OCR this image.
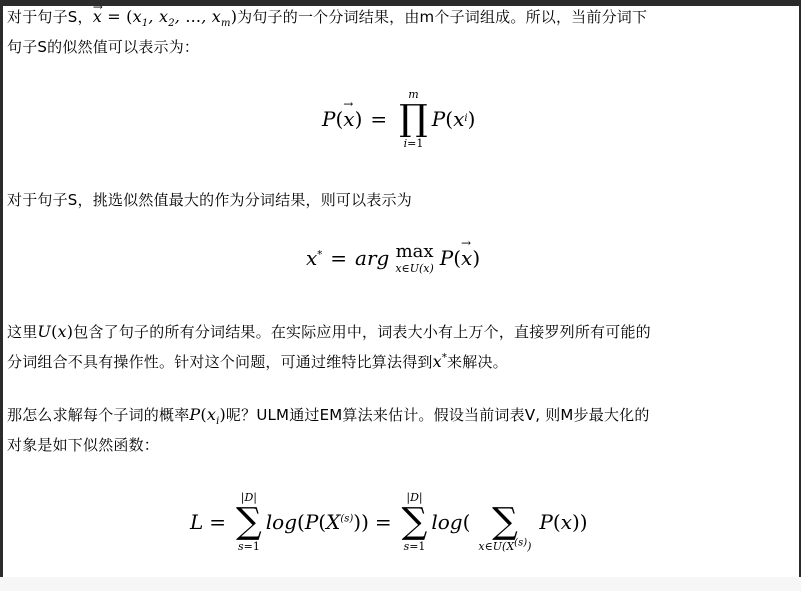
对于句子S，→ $x = (x_1$, $x_2$, ..., $x_m$)为句子的一个分词结果，由m个子词组成。所以，当前分词下
句子S的似然值可以表示为：
P ( → x ) =
m
∏
i=1
P ( x i )
对于句子S，挑选似然值最大的作为分词结果，则可以表示为
x* = arg max
x∈U(x) P ( → x )
这里U(x)包含了句子的所有分词结果。在实际应用中，词表大小有上万个，直接罗列所有可能的
分词组合不具有操作性。针对这个问题，可通过维特比算法得到x*来解决。
那怎么求解每个子词的概率$P(x_i)$呢？ULM通过EM算法来估计。假设当前词表V, 则M步最大化的
对象是如下似然函数：
L =
|D|
∑
s=1
log ( P ( $X^{(s)}$ )) =
|D|
∑
s=1
log (
∑
$x\in U(X^{(s)})$
P ( x ))
